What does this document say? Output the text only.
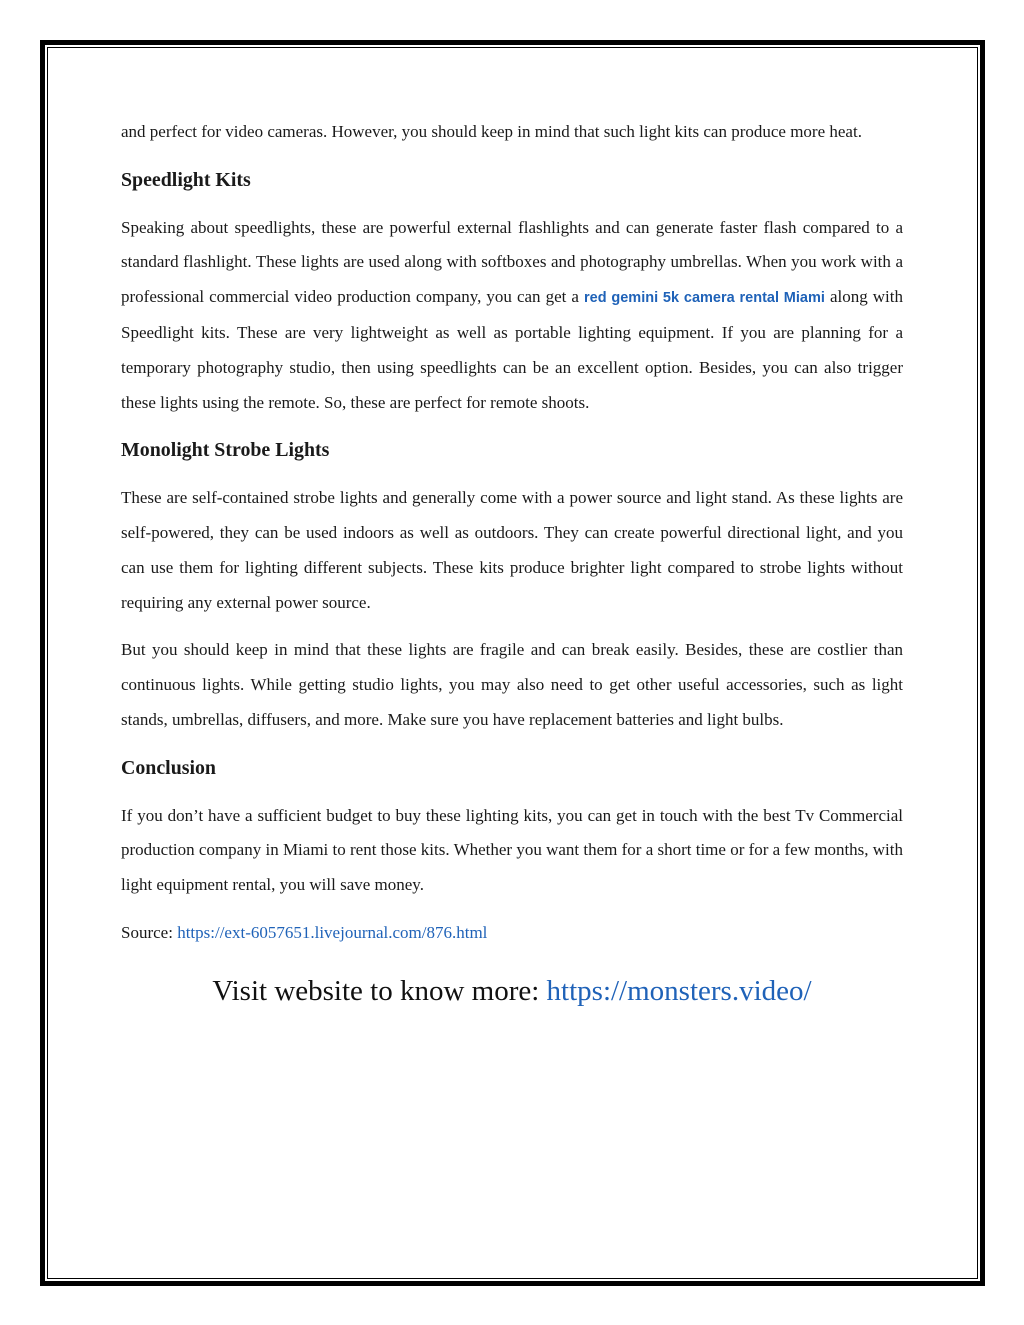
and perfect for video cameras. However, you should keep in mind that such light kits can produce more heat.

Speedlight Kits

Speaking about speedlights, these are powerful external flashlights and can generate faster flash compared to a standard flashlight. These lights are used along with softboxes and photography umbrellas. When you work with a professional commercial video production company, you can get a red gemini 5k camera rental Miami along with Speedlight kits. These are very lightweight as well as portable lighting equipment. If you are planning for a temporary photography studio, then using speedlights can be an excellent option. Besides, you can also trigger these lights using the remote. So, these are perfect for remote shoots.

Monolight Strobe Lights

These are self-contained strobe lights and generally come with a power source and light stand. As these lights are self-powered, they can be used indoors as well as outdoors. They can create powerful directional light, and you can use them for lighting different subjects. These kits produce brighter light compared to strobe lights without requiring any external power source.

But you should keep in mind that these lights are fragile and can break easily. Besides, these are costlier than continuous lights. While getting studio lights, you may also need to get other useful accessories, such as light stands, umbrellas, diffusers, and more. Make sure you have replacement batteries and light bulbs.

Conclusion

If you don’t have a sufficient budget to buy these lighting kits, you can get in touch with the best Tv Commercial production company in Miami to rent those kits. Whether you want them for a short time or for a few months, with light equipment rental, you will save money.

Source: https://ext-6057651.livejournal.com/876.html

Visit website to know more: https://monsters.video/
